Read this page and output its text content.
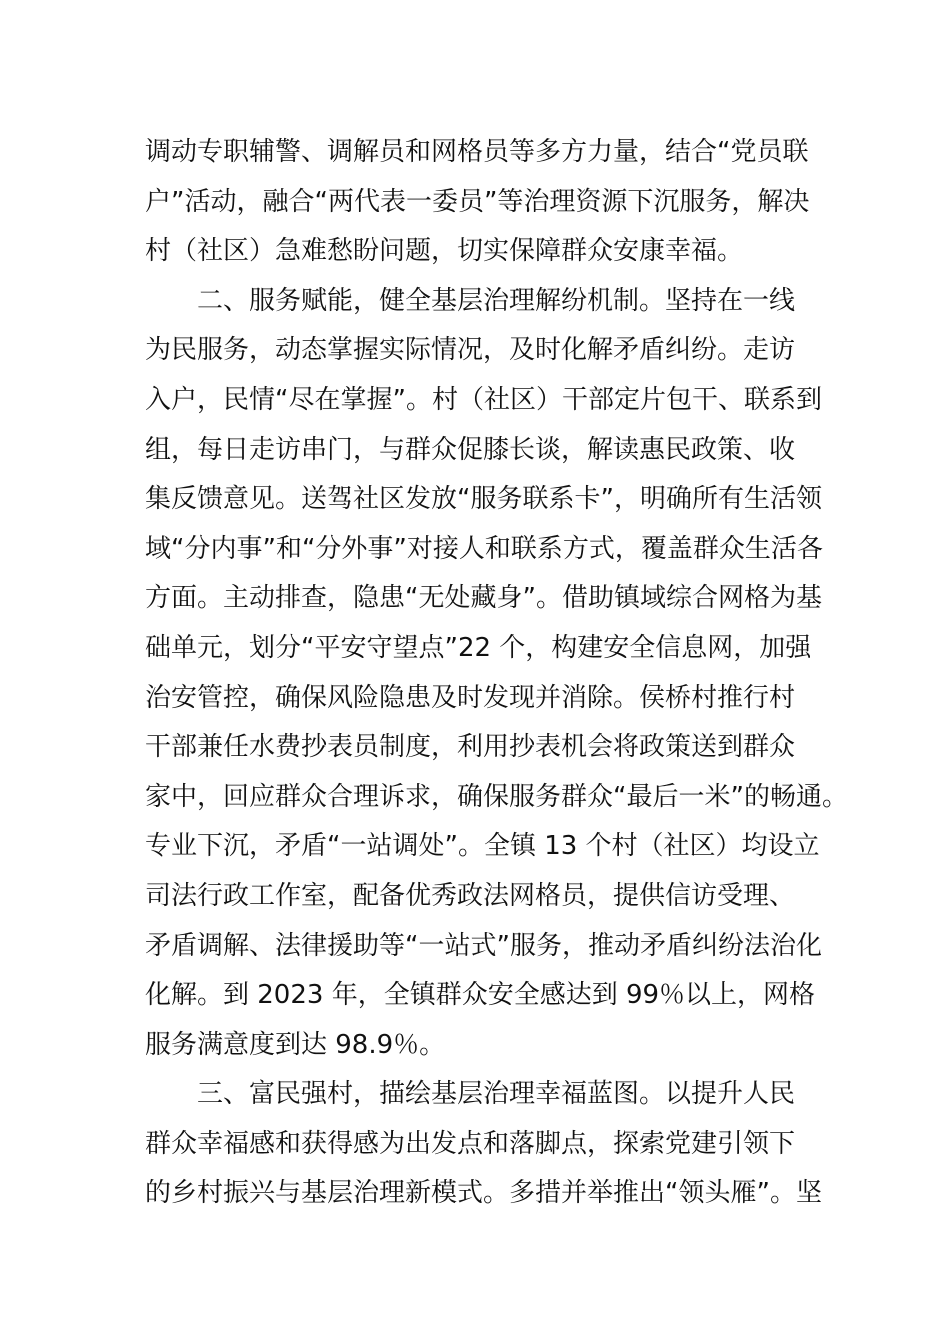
调动专职辅警、调解员和网格员等多方力量，结合“党员联
户”活动，融合“两代表一委员”等治理资源下沉服务，解决
村（社区）急难愁盼问题，切实保障群众安康幸福。
　　二、服务赋能，健全基层治理解纷机制。坚持在一线
为民服务，动态掌握实际情况，及时化解矛盾纠纷。走访
入户，民情“尽在掌握”。村（社区）干部定片包干、联系到
组，每日走访串门，与群众促膝长谈，解读惠民政策、收
集反馈意见。送驾社区发放“服务联系卡”，明确所有生活领
域“分内事”和“分外事”对接人和联系方式，覆盖群众生活各
方面。主动排查，隐患“无处藏身”。借助镇域综合网格为基
础单元，划分“平安守望点”22 个，构建安全信息网，加强
治安管控，确保风险隐患及时发现并消除。侯桥村推行村
干部兼任水费抄表员制度，利用抄表机会将政策送到群众
家中，回应群众合理诉求，确保服务群众“最后一米”的畅通。
专业下沉，矛盾“一站调处”。全镇 13 个村（社区）均设立
司法行政工作室，配备优秀政法网格员，提供信访受理、
矛盾调解、法律援助等“一站式”服务，推动矛盾纠纷法治化
化解。到 2023 年，全镇群众安全感达到 99％以上，网格
服务满意度到达 98.9％。
　　三、富民强村，描绘基层治理幸福蓝图。以提升人民
群众幸福感和获得感为出发点和落脚点，探索党建引领下
的乡村振兴与基层治理新模式。多措并举推出“领头雁”。坚
